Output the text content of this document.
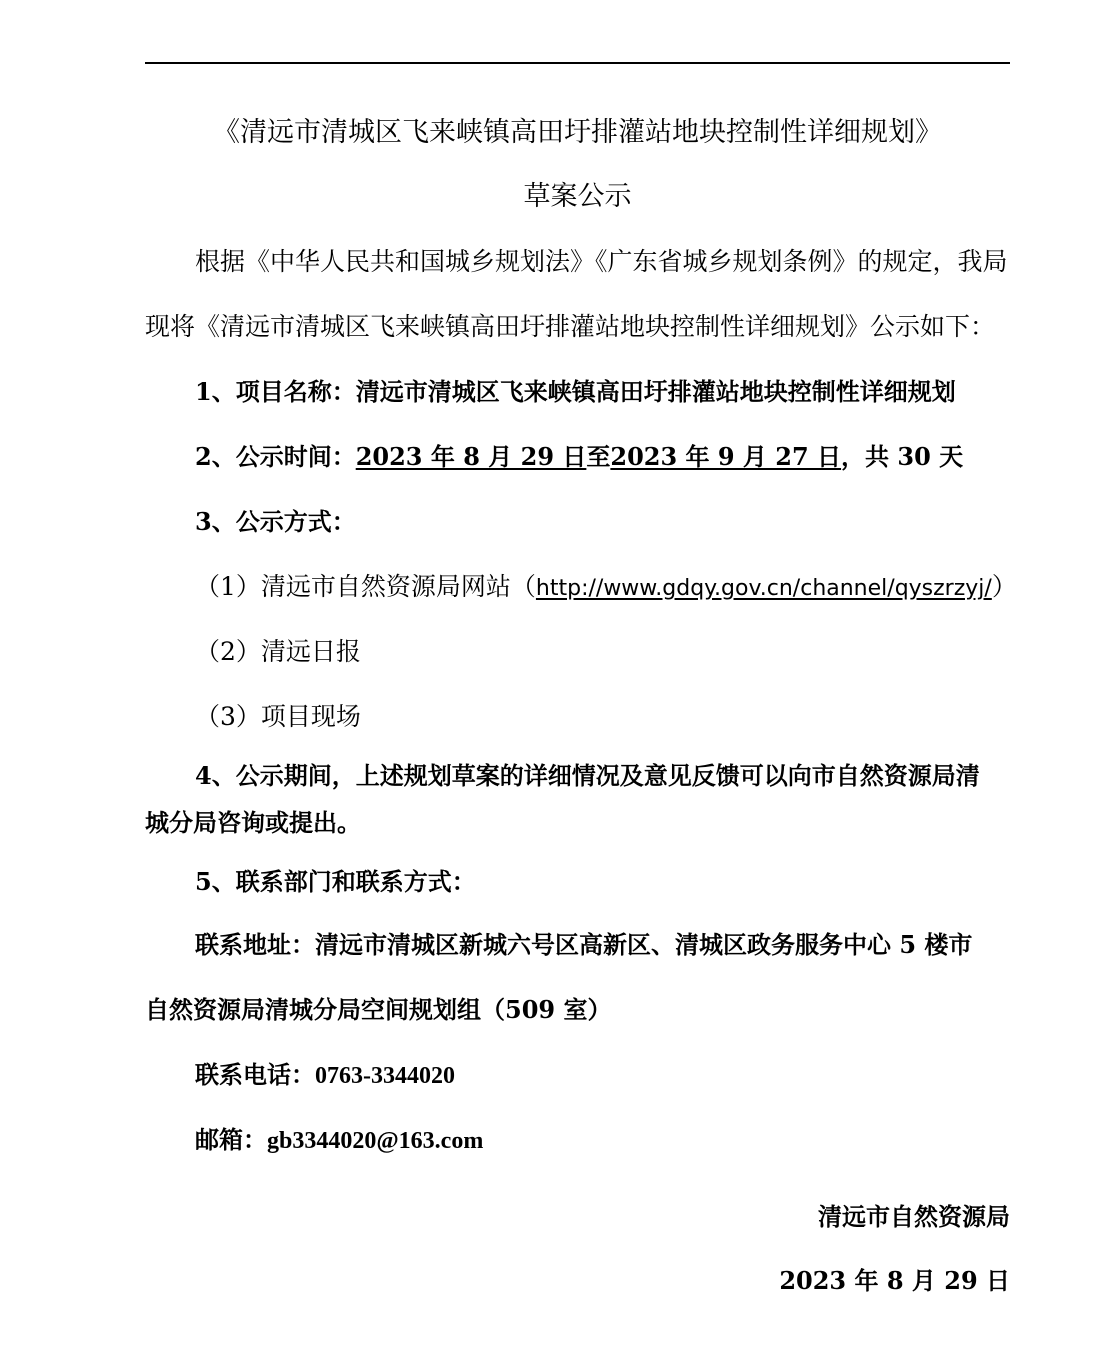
《清远市清城区飞来峡镇高田圩排灌站地块控制性详细规划》
草案公示
根据《中华人民共和国城乡规划法》《广东省城乡规划条例》的规定，我局
现将《清远市清城区飞来峡镇高田圩排灌站地块控制性详细规划》公示如下：
1、项目名称：清远市清城区飞来峡镇高田圩排灌站地块控制性详细规划
2、公示时间：2023 年 8 月 29 日至2023 年 9 月 27 日，共 30 天
3、公示方式：
（1）清远市自然资源局网站（http://www.gdqy.gov.cn/channel/qyszrzyj/）
（2）清远日报
（3）项目现场
4、公示期间，上述规划草案的详细情况及意见反馈可以向市自然资源局清
城分局咨询或提出。
5、联系部门和联系方式：
联系地址：清远市清城区新城六号区高新区、清城区政务服务中心 5 楼市
自然资源局清城分局空间规划组（509 室）
联系电话：0763-3344020
邮箱：gb3344020@163.com
清远市自然资源局
2023 年 8 月 29 日
